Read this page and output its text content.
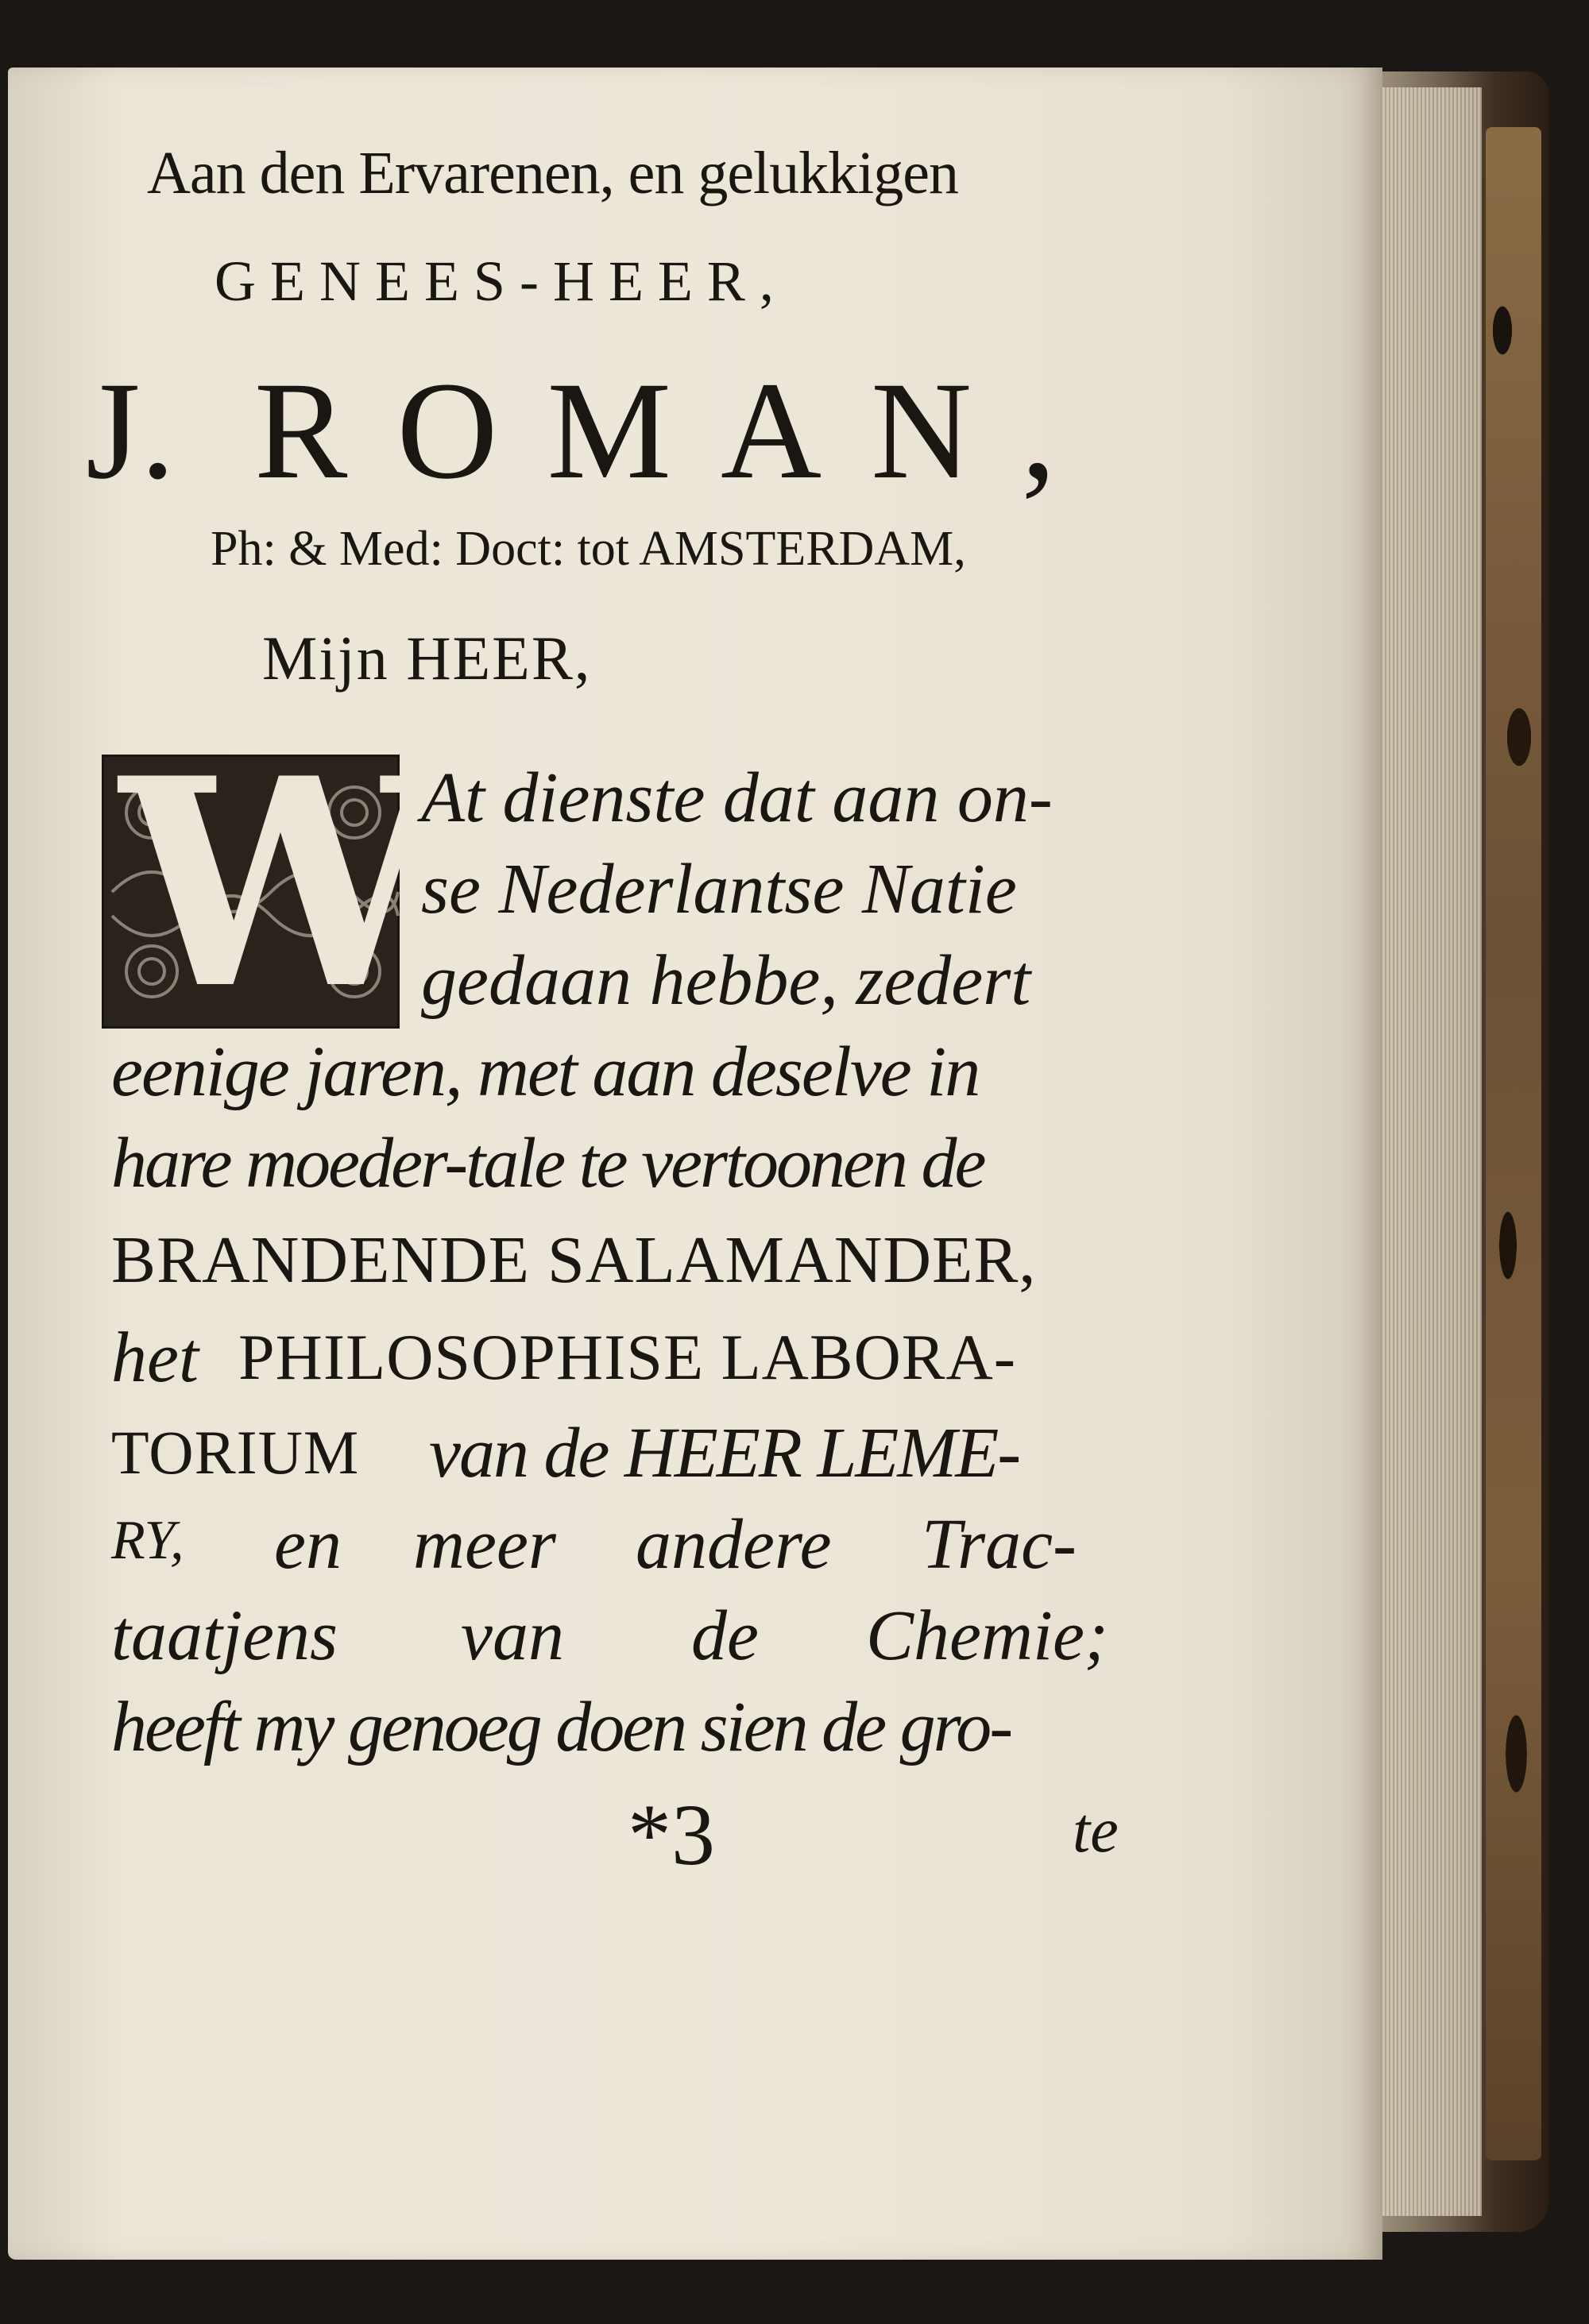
Aan den Ervarenen, en gelukkigen
GENEES-HEER,
J. ROMAN,
Ph: & Med: Doct: tot AMSTERDAM,
Mijn HEER,
W
At dienste dat aan on-
se Nederlantse Natie
gedaan hebbe, zedert
eenige jaren, met aan deselve in
hare moeder-tale te vertoonen de
BRANDENDE SALAMANDER,
het PHILOSOPHISE LABORA-
TORIUM van de HEER LEME-
RY, en meer andere Trac-
taatjens van de Chemie;
heeft my genoeg doen sien de gro-
*3	te
